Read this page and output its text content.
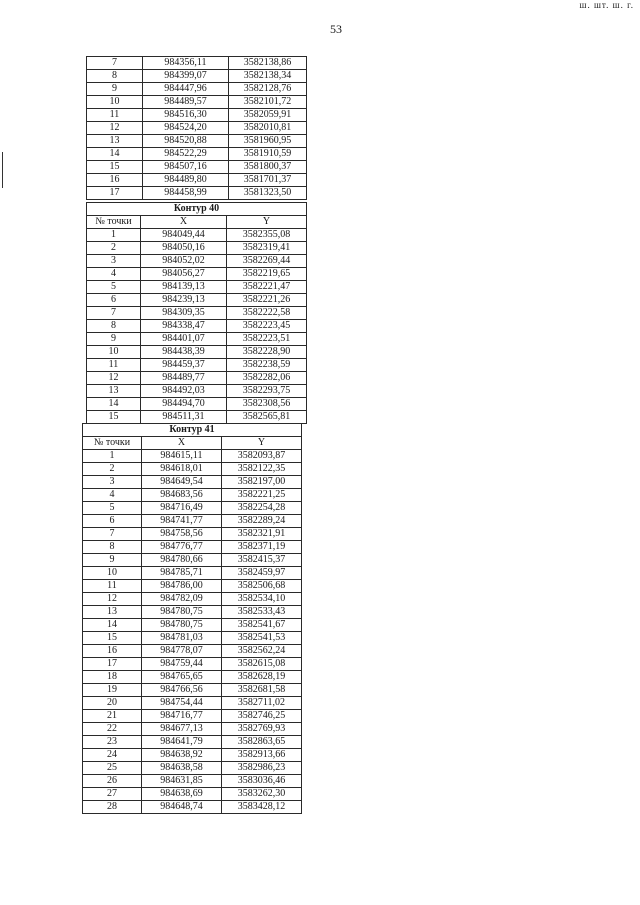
53
ш. шт. ш. г.
7	984356,11	3582138,86
8	984399,07	3582138,34
9	984447,96	3582128,76
10	984489,57	3582101,72
11	984516,30	3582059,91
12	984524,20	3582010,81
13	984520,88	3581960,95
14	984522,29	3581910,59
15	984507,16	3581800,37
16	984489,80	3581701,37
17	984458,99	3581323,50
Контур 40		
№ точки	X	Y
1	984049,44	3582355,08
2	984050,16	3582319,41
3	984052,02	3582269,44
4	984056,27	3582219,65
5	984139,13	3582221,47
6	984239,13	3582221,26
7	984309,35	3582222,58
8	984338,47	3582223,45
9	984401,07	3582223,51
10	984438,39	3582228,90
11	984459,37	3582238,59
12	984489,77	3582282,06
13	984492,03	3582293,75
14	984494,70	3582308,56
15	984511,31	3582565,81
Контур 41		
№ точки	X	Y
1	984615,11	3582093,87
2	984618,01	3582122,35
3	984649,54	3582197,00
4	984683,56	3582221,25
5	984716,49	3582254,28
6	984741,77	3582289,24
7	984758,56	3582321,91
8	984776,77	3582371,19
9	984780,66	3582415,37
10	984785,71	3582459,97
11	984786,00	3582506,68
12	984782,09	3582534,10
13	984780,75	3582533,43
14	984780,75	3582541,67
15	984781,03	3582541,53
16	984778,07	3582562,24
17	984759,44	3582615,08
18	984765,65	3582628,19
19	984766,56	3582681,58
20	984754,44	3582711,02
21	984716,77	3582746,25
22	984677,13	3582769,93
23	984641,79	3582863,65
24	984638,92	3582913,66
25	984638,58	3582986,23
26	984631,85	3583036,46
27	984638,69	3583262,30
28	984648,74	3583428,12
